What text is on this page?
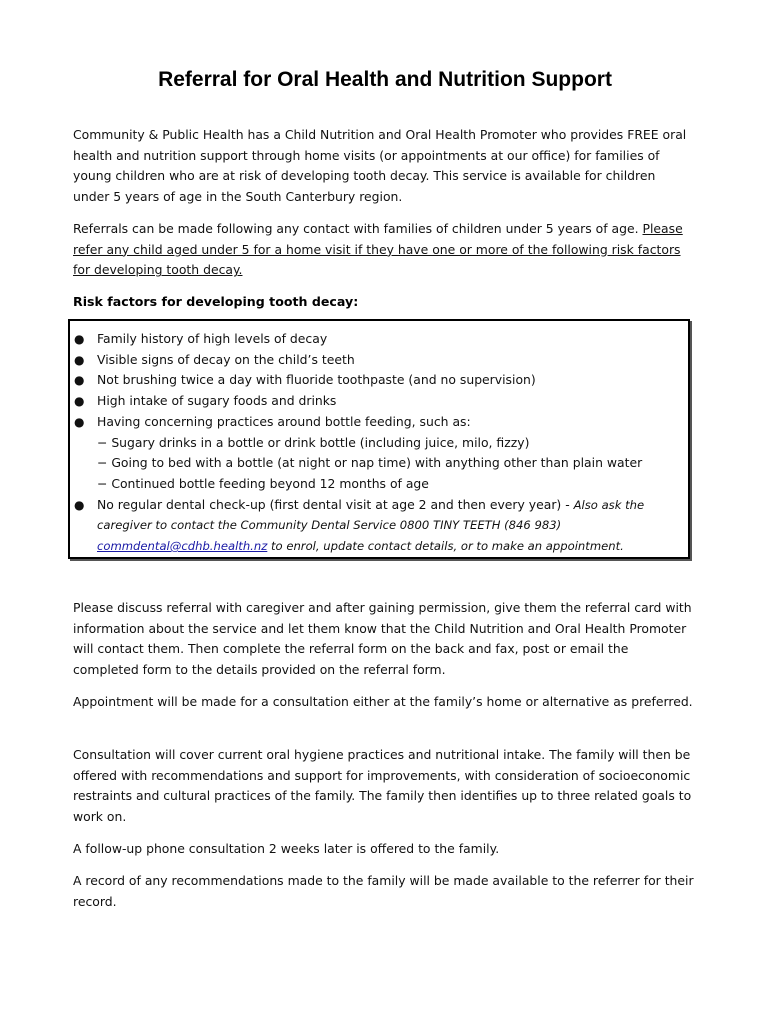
Referral for Oral Health and Nutrition Support

Community & Public Health has a Child Nutrition and Oral Health Promoter who provides FREE oral health and nutrition support through home visits (or appointments at our office) for families of young children who are at risk of developing tooth decay. This service is available for children under 5 years of age in the South Canterbury region.

Referrals can be made following any contact with families of children under 5 years of age. Please refer any child aged under 5 for a home visit if they have one or more of the following risk factors for developing tooth decay.

Risk factors for developing tooth decay:

● Family history of high levels of decay
● Visible signs of decay on the child’s teeth
● Not brushing twice a day with fluoride toothpaste (and no supervision)
● High intake of sugary foods and drinks
● Having concerning practices around bottle feeding, such as:
− Sugary drinks in a bottle or drink bottle (including juice, milo, fizzy)
− Going to bed with a bottle (at night or nap time) with anything other than plain water
− Continued bottle feeding beyond 12 months of age
● No regular dental check-up (first dental visit at age 2 and then every year) - Also ask the caregiver to contact the Community Dental Service 0800 TINY TEETH (846 983) commdental@cdhb.health.nz to enrol, update contact details, or to make an appointment.

Please discuss referral with caregiver and after gaining permission, give them the referral card with information about the service and let them know that the Child Nutrition and Oral Health Promoter will contact them. Then complete the referral form on the back and fax, post or email the completed form to the details provided on the referral form.

Appointment will be made for a consultation either at the family’s home or alternative as preferred.

Consultation will cover current oral hygiene practices and nutritional intake. The family will then be offered with recommendations and support for improvements, with consideration of socioeconomic restraints and cultural practices of the family. The family then identifies up to three related goals to work on.

A follow-up phone consultation 2 weeks later is offered to the family.

A record of any recommendations made to the family will be made available to the referrer for their record.
